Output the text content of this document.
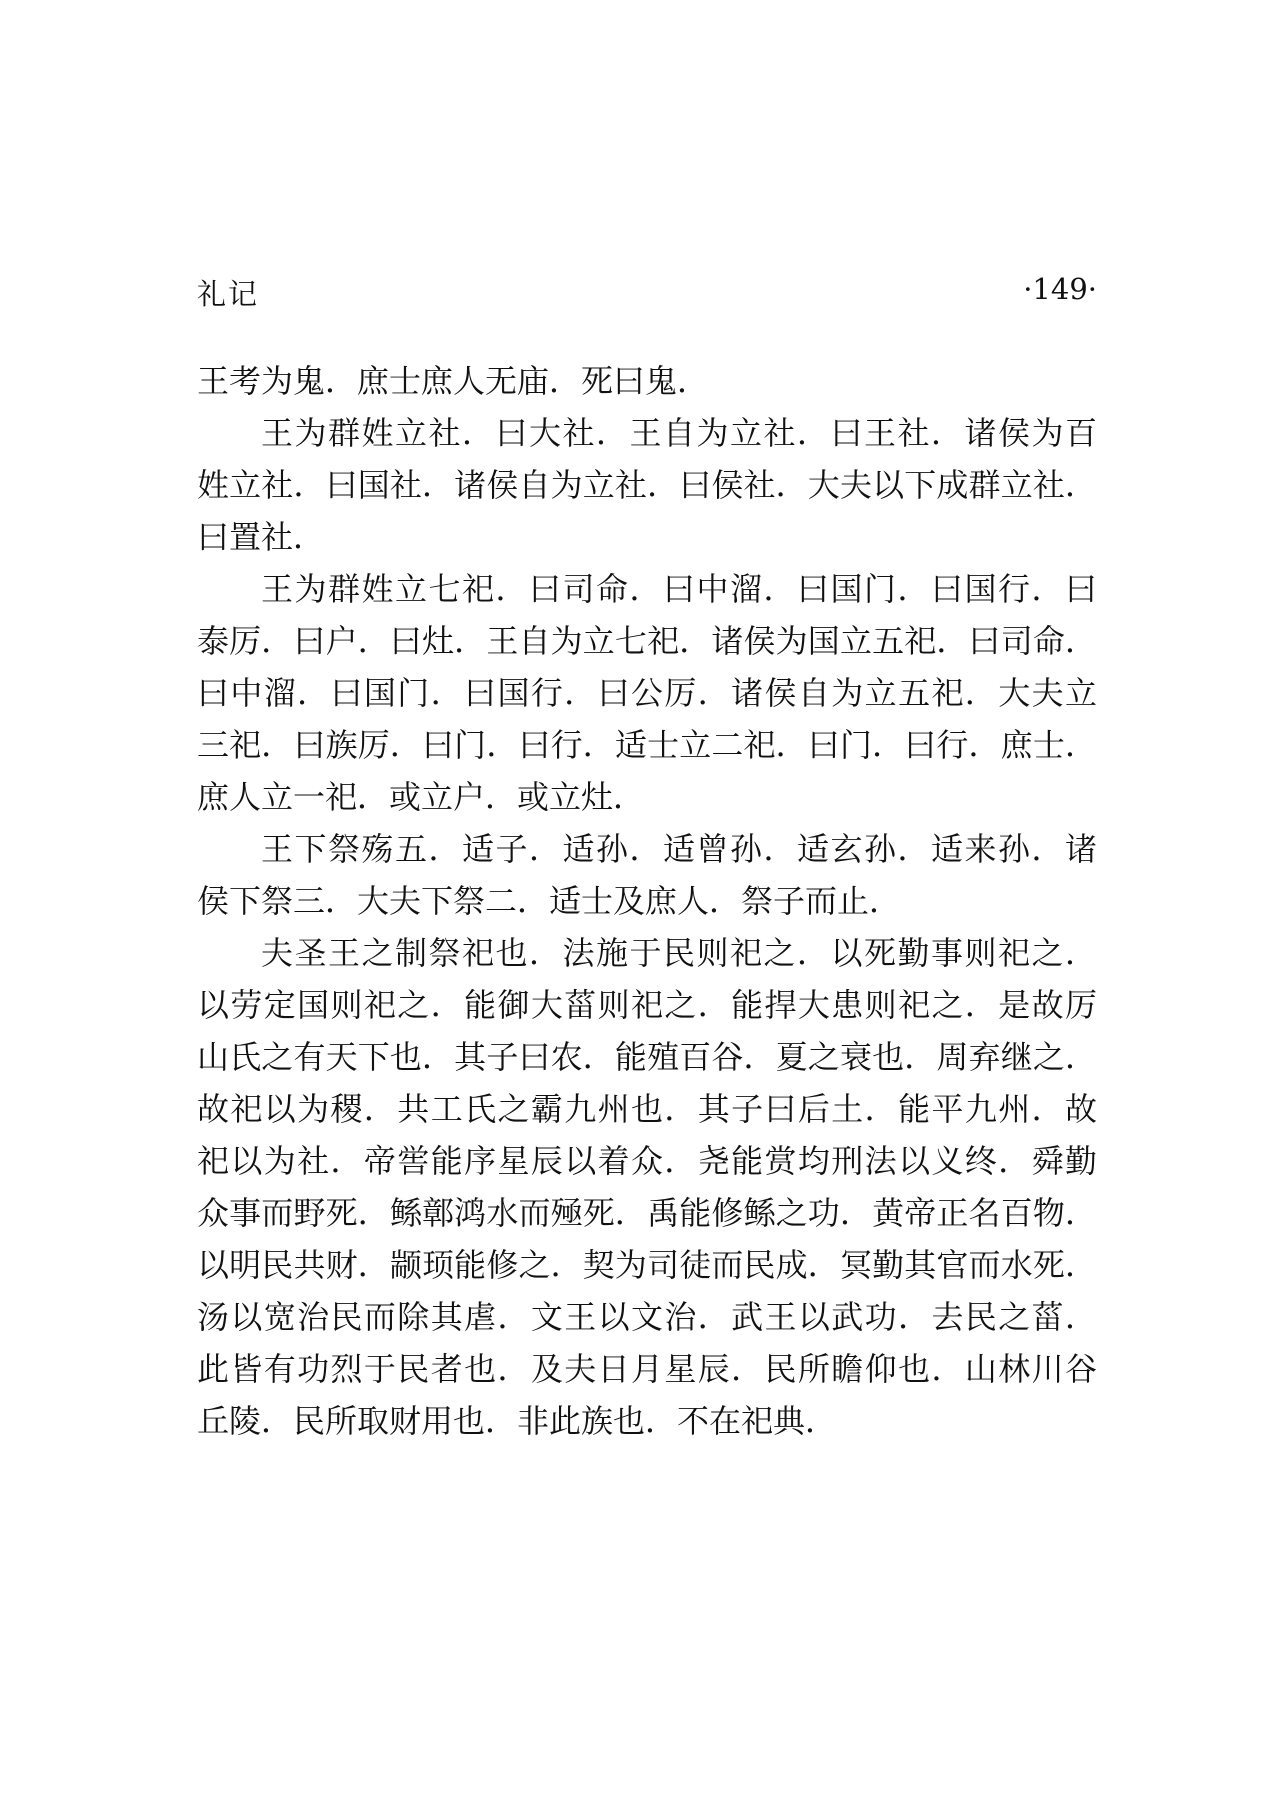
礼记	·149·
王考为鬼．庶士庶人无庙．死曰鬼．
王为群姓立社．曰大社．王自为立社．曰王社．诸侯为百
姓立社．曰国社．诸侯自为立社．曰侯社．大夫以下成群立社．
曰置社．
王为群姓立七祀．曰司命．曰中溜．曰国门．曰国行．曰
泰厉．曰户．曰灶．王自为立七祀．诸侯为国立五祀．曰司命．
曰中溜．曰国门．曰国行．曰公厉．诸侯自为立五祀．大夫立
三祀．曰族厉．曰门．曰行．适士立二祀．曰门．曰行．庶士．
庶人立一祀．或立户．或立灶．
王下祭殇五．适子．适孙．适曾孙．适玄孙．适来孙．诸
侯下祭三．大夫下祭二．适士及庶人．祭子而止．
夫圣王之制祭祀也．法施于民则祀之．以死勤事则祀之．
以劳定国则祀之．能御大菑则祀之．能捍大患则祀之．是故厉
山氏之有天下也．其子曰农．能殖百谷．夏之衰也．周弃继之．
故祀以为稷．共工氏之霸九州也．其子曰后土．能平九州．故
祀以为社．帝喾能序星辰以着众．尧能赏均刑法以义终．舜勤
众事而野死．鲧鄣鸿水而殛死．禹能修鲧之功．黄帝正名百物．
以明民共财．颛顼能修之．契为司徒而民成．冥勤其官而水死．
汤以宽治民而除其虐．文王以文治．武王以武功．去民之菑．
此皆有功烈于民者也．及夫日月星辰．民所瞻仰也．山林川谷
丘陵．民所取财用也．非此族也．不在祀典．
